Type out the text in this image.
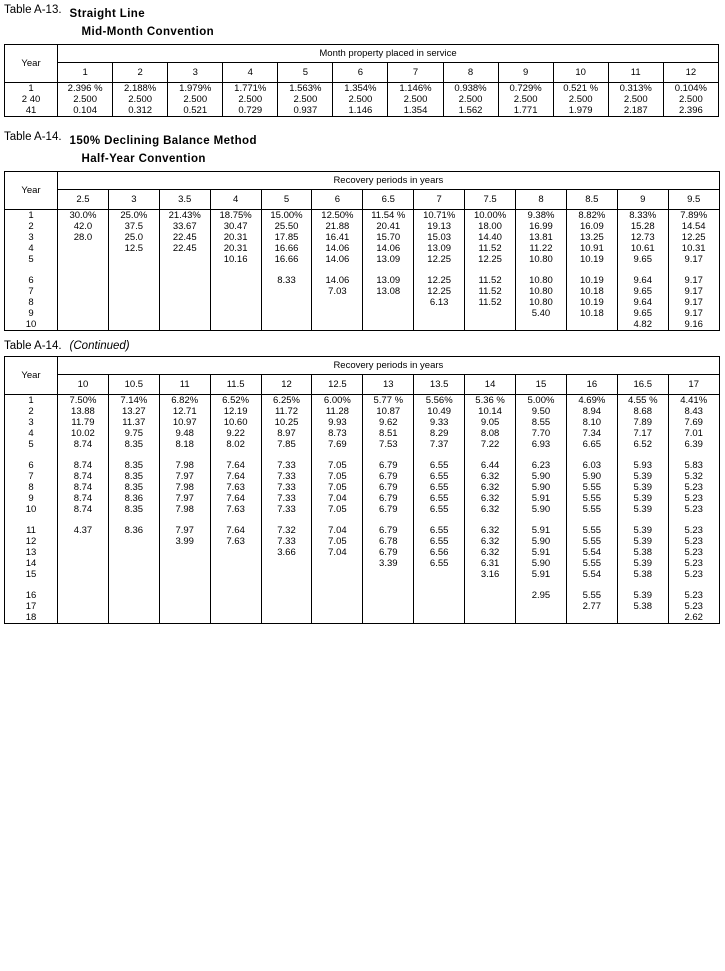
Table A-13. Straight Line
Mid-Month Convention
Year	Month property placed in service											
	1	2	3	4	5	6	7	8	9	10	11	12
1	2.396 %	2.188%	1.979%	1.771%	1.563%	1.354%	1.146%	0.938%	0.729%	0.521 %	0.313%	0.104%
2 40	2.500	2.500	2.500	2.500	2.500	2.500	2.500	2.500	2.500	2.500	2.500	2.500
41	0.104	0.312	0.521	0.729	0.937	1.146	1.354	1.562	1.771	1.979	2.187	2.396
Table A-14. 150% Declining Balance Method
Half-Year Convention
Year	Recovery periods in years												
	2.5	3	3.5	4	5	6	6.5	7	7.5	8	8.5	9	9.5
1	30.0%	25.0%	21.43%	18.75%	15.00%	12.50%	11.54 %	10.71%	10.00%	9.38%	8.82%	8.33%	7.89%
2	42.0	37.5	33.67	30.47	25.50	21.88	20.41	19.13	18.00	16.99	16.09	15.28	14.54
3	28.0	25.0	22.45	20.31	17.85	16.41	15.70	15.03	14.40	13.81	13.25	12.73	12.25
4		12.5	22.45	20.31	16.66	14.06	14.06	13.09	11.52	11.22	10.91	10.61	10.31
5				10.16	16.66	14.06	13.09	12.25	12.25	10.80	10.19	9.65	9.17

6					8.33	14.06	13.09	12.25	11.52	10.80	10.19	9.64	9.17
7						7.03	13.08	12.25	11.52	10.80	10.18	9.65	9.17
8								6.13	11.52	10.80	10.19	9.64	9.17
9										5.40	10.18	9.65	9.17
10												4.82	9.16
Table A-14. (Continued)
Year	Recovery periods in years												
	10	10.5	11	11.5	12	12.5	13	13.5	14	15	16	16.5	17
1	7.50%	7.14%	6.82%	6.52%	6.25%	6.00%	5.77 %	5.56%	5.36 %	5.00%	4.69%	4.55 %	4.41%
2	13.88	13.27	12.71	12.19	11.72	11.28	10.87	10.49	10.14	9.50	8.94	8.68	8.43
3	11.79	11.37	10.97	10.60	10.25	9.93	9.62	9.33	9.05	8.55	8.10	7.89	7.69
4	10.02	9.75	9.48	9.22	8.97	8.73	8.51	8.29	8.08	7.70	7.34	7.17	7.01
5	8.74	8.35	8.18	8.02	7.85	7.69	7.53	7.37	7.22	6.93	6.65	6.52	6.39

6	8.74	8.35	7.98	7.64	7.33	7.05	6.79	6.55	6.44	6.23	6.03	5.93	5.83
7	8.74	8.35	7.97	7.64	7.33	7.05	6.79	6.55	6.32	5.90	5.90	5.39	5.32
8	8.74	8.35	7.98	7.63	7.33	7.05	6.79	6.55	6.32	5.90	5.55	5.39	5.23
9	8.74	8.36	7.97	7.64	7.33	7.04	6.79	6.55	6.32	5.91	5.55	5.39	5.23
10	8.74	8.35	7.98	7.63	7.33	7.05	6.79	6.55	6.32	5.90	5.55	5.39	5.23

11	4.37	8.36	7.97	7.64	7.32	7.04	6.79	6.55	6.32	5.91	5.55	5.39	5.23
12			3.99	7.63	7.33	7.05	6.78	6.55	6.32	5.90	5.55	5.39	5.23
13					3.66	7.04	6.79	6.56	6.32	5.91	5.54	5.38	5.23
14							3.39	6.55	6.31	5.90	5.55	5.39	5.23
15									3.16	5.91	5.54	5.38	5.23

16										2.95	5.55	5.39	5.23
17											2.77	5.38	5.23
18													2.62
